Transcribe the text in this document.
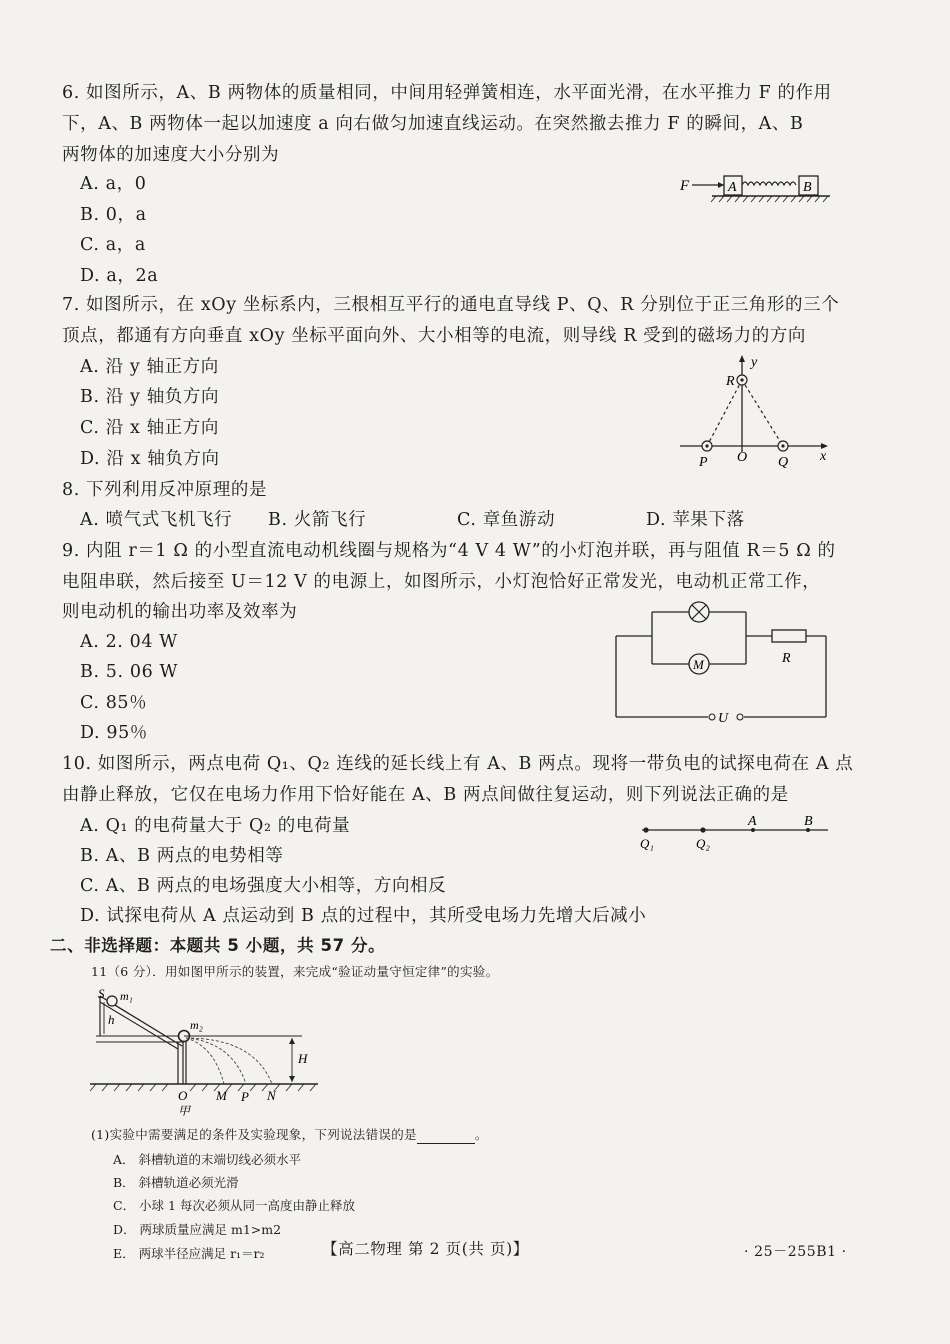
6. 如图所示，A、B 两物体的质量相同，中间用轻弹簧相连，水平面光滑，在水平推力 F 的作用
下，A、B 两物体一起以加速度 a 向右做匀加速直线运动。在突然撤去推力 F 的瞬间，A、B
两物体的加速度大小分别为
A. a，0
B. 0，a
C. a，a
D. a，2a
F	A	B
7. 如图所示，在 xOy 坐标系内，三根相互平行的通电直导线 P、Q、R 分别位于正三角形的三个
顶点，都通有方向垂直 xOy 坐标平面向外、大小相等的电流，则导线 R 受到的磁场力的方向
A. 沿 y 轴正方向
B. 沿 y 轴负方向
C. 沿 x 轴正方向
D. 沿 x 轴负方向
R
y
P O Q x
8. 下列利用反冲原理的是
A. 喷气式飞机飞行 B. 火箭飞行	C. 章鱼游动	D. 苹果下落
9. 内阻 r＝1 Ω 的小型直流电动机线圈与规格为“4 V 4 W”的小灯泡并联，再与阻值 R＝5 Ω 的
电阻串联，然后接至 U＝12 V 的电源上，如图所示，小灯泡恰好正常发光，电动机正常工作，
则电动机的输出功率及效率为
A. 2. 04 W
B. 5. 06 W
C. 85％
D. 95％
M	R
U
10. 如图所示，两点电荷 Q₁、Q₂ 连线的延长线上有 A、B 两点。现将一带负电的试探电荷在 A 点
由静止释放，它仅在电场力作用下恰好能在 A、B 两点间做往复运动，则下列说法正确的是
A. Q₁ 的电荷量大于 Q₂ 的电荷量
B. A、B 两点的电势相等
C. A、B 两点的电场强度大小相等，方向相反
D. 试探电荷从 A 点运动到 B 点的过程中，其所受电场力先增大后减小
A	B
Q₁	Q₂
二、非选择题：本题共 5 小题，共 57 分。
11（6 分）．用如图甲所示的装置，来完成“验证动量守恒定律”的实验。
S m₁
h	m₂
H
O M P N
甲
(1)实验中需要满足的条件及实验现象，下列说法错误的是	。
A． 斜槽轨道的末端切线必须水平
B． 斜槽轨道必须光滑
C． 小球 1 每次必须从同一高度由静止释放
D． 两球质量应满足 m1>m2
E． 两球半径应满足 r₁＝r₂	【高二物理 第 2 页(共 页)】	· 25－255B1 ·
